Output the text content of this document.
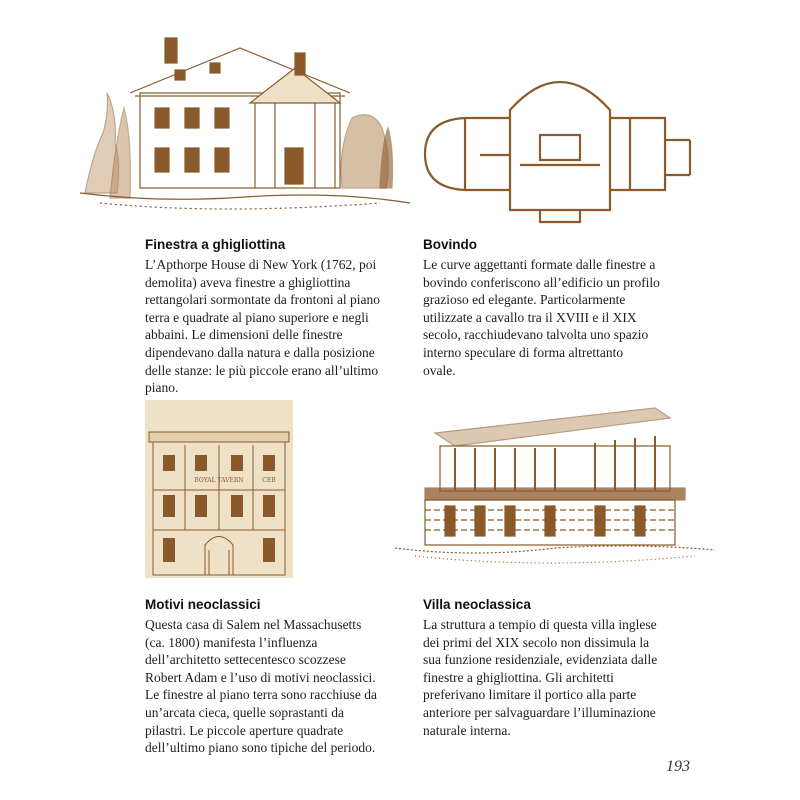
BOYAL TAVERN	CEB
Finestra a ghigliottina

L’Apthorpe House di New York (1762, poi
demolita) aveva finestre a ghigliottina
rettangolari sormontate da frontoni al piano
terra e quadrate al piano superiore e negli
abbaini. Le dimensioni delle finestre
dipendevano dalla natura e dalla posizione
delle stanze: le più piccole erano all’ultimo
piano.

Bovindo

Le curve aggettanti formate dalle finestre a
bovindo conferiscono all’edificio un profilo
grazioso ed elegante. Particolarmente
utilizzate a cavallo tra il XVIII e il XIX
secolo, racchiudevano talvolta uno spazio
interno speculare di forma altrettanto
ovale.

Motivi neoclassici

Questa casa di Salem nel Massachusetts
(ca. 1800) manifesta l’influenza
dell’architetto settecentesco scozzese
Robert Adam e l’uso di motivi neoclassici.
Le finestre al piano terra sono racchiuse da
un’arcata cieca, quelle soprastanti da
pilastri. Le piccole aperture quadrate
dell’ultimo piano sono tipiche del periodo.

Villa neoclassica

La struttura a tempio di questa villa inglese
dei primi del XIX secolo non dissimula la
sua funzione residenziale, evidenziata dalle
finestre a ghigliottina. Gli architetti
preferivano limitare il portico alla parte
anteriore per salvaguardare l’illuminazione
naturale interna.

193
